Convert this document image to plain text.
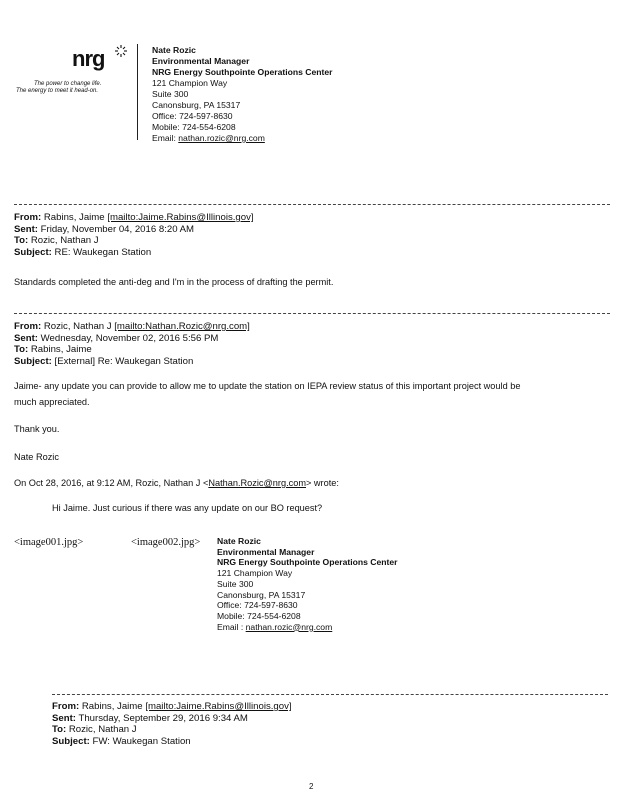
nrg
The power to change life.
The energy to meet it head-on.
Nate Rozic
Environmental Manager
NRG Energy Southpointe Operations Center
121 Champion Way
Suite 300
Canonsburg, PA 15317
Office: 724-597-8630
Mobile: 724-554-6208
Email: nathan.rozic@nrg.com
From: Rabins, Jaime [mailto:Jaime.Rabins@Illinois.gov]
Sent: Friday, November 04, 2016 8:20 AM
To: Rozic, Nathan J
Subject: RE: Waukegan Station
Standards completed the anti-deg and I'm in the process of drafting the permit.
From: Rozic, Nathan J [mailto:Nathan.Rozic@nrg.com]
Sent: Wednesday, November 02, 2016 5:56 PM
To: Rabins, Jaime
Subject: [External] Re: Waukegan Station
Jaime- any update you can provide to allow me to update the station on IEPA review status of this important project would be
much appreciated.
Thank you.
Nate Rozic
On Oct 28, 2016, at 9:12 AM, Rozic, Nathan J <Nathan.Rozic@nrg.com> wrote:
Hi Jaime. Just curious if there was any update on our BO request?
<image001.jpg>	<image002.jpg> Nate Rozic
Environmental Manager
NRG Energy Southpointe Operations Center
121 Champion Way
Suite 300
Canonsburg, PA 15317
Office: 724-597-8630
Mobile: 724-554-6208
Email : nathan.rozic@nrg.com
From: Rabins, Jaime [mailto:Jaime.Rabins@Illinois.gov]
Sent: Thursday, September 29, 2016 9:34 AM
To: Rozic, Nathan J
Subject: FW: Waukegan Station
2
